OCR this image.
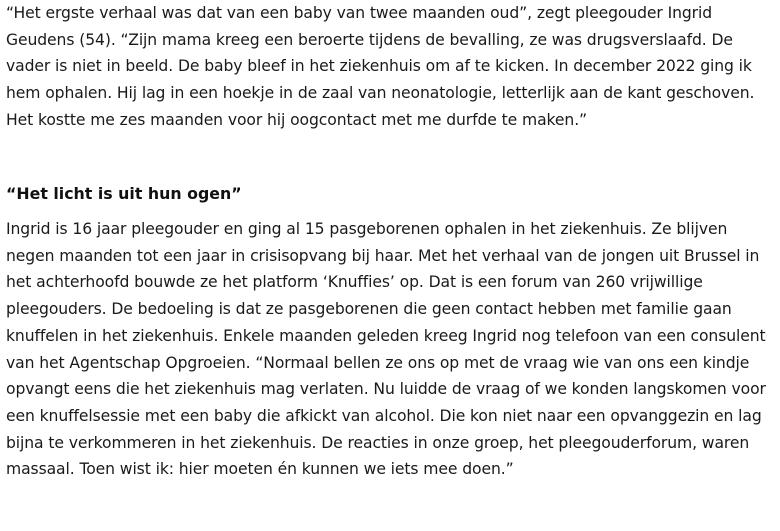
“Het ergste verhaal was dat van een baby van twee maanden oud”, zegt pleegouder Ingrid Geudens (54). “Zijn mama kreeg een beroerte tijdens de bevalling, ze was drugsverslaafd. De vader is niet in beeld. De baby bleef in het ziekenhuis om af te kicken. In december 2022 ging ik hem ophalen. Hij lag in een hoekje in de zaal van neonatologie, letterlijk aan de kant geschoven. Het kostte me zes maanden voor hij oogcontact met me durfde te maken.”

“Het licht is uit hun ogen”

Ingrid is 16 jaar pleegouder en ging al 15 pasgeborenen ophalen in het ziekenhuis. Ze blijven negen maanden tot een jaar in crisisopvang bij haar. Met het verhaal van de jongen uit Brussel in het achterhoofd bouwde ze het platform ‘Knuffies’ op. Dat is een forum van 260 vrijwillige pleegouders. De bedoeling is dat ze pasgeborenen die geen contact hebben met familie gaan knuffelen in het ziekenhuis. Enkele maanden geleden kreeg Ingrid nog telefoon van een consulent van het Agentschap Opgroeien. “Normaal bellen ze ons op met de vraag wie van ons een kindje opvangt eens die het ziekenhuis mag verlaten. Nu luidde de vraag of we konden langskomen voor een knuffelsessie met een baby die afkickt van alcohol. Die kon niet naar een opvanggezin en lag bijna te verkommeren in het ziekenhuis. De reacties in onze groep, het pleegouderforum, waren massaal. Toen wist ik: hier moeten én kunnen we iets mee doen.”
